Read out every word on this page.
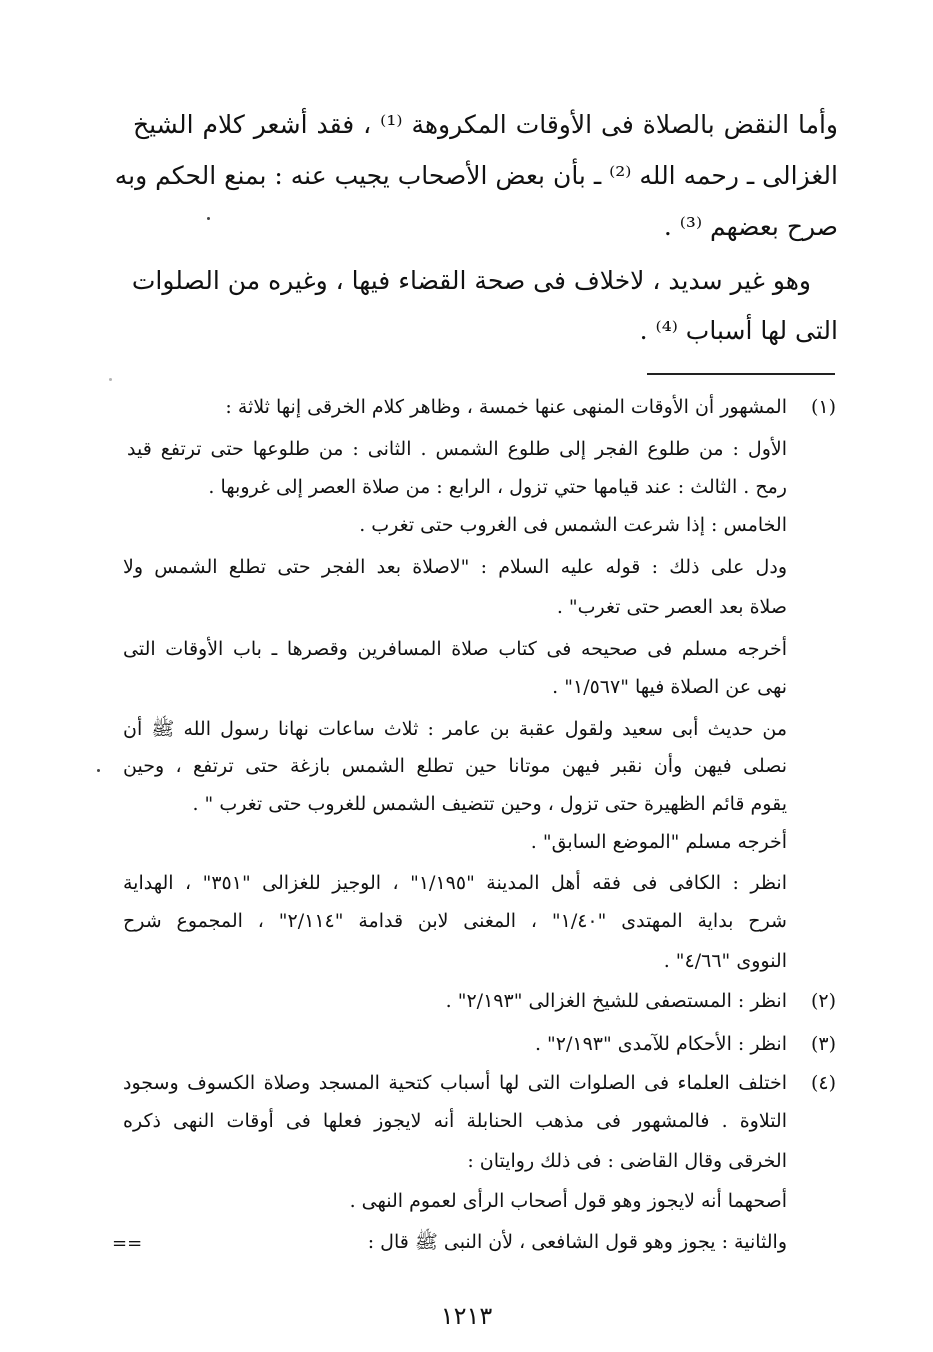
وأما النقض بالصلاة فى الأوقات المكروهة ⁽¹⁾ ، فقد أشعر كلام الشيخ
الغزالى ـ رحمه الله ⁽²⁾ ـ بأن بعض الأصحاب يجيب عنه : بمنع الحكم وبه
صرح بعضهم ⁽³⁾ .
وهو غير سديد ، لاخلاف فى صحة القضاء فيها ، وغيره من الصلوات
التى لها أسباب ⁽⁴⁾ .
(١)
(٢)
(٣)
(٤)
المشهور أن الأوقات المنهى عنها خمسة ، وظاهر كلام الخرقى إنها ثلاثة :
الأول : من طلوع الفجر إلى طلوع الشمس . الثانى : من طلوعها حتى ترتفع قيد
رمح . الثالث : عند قيامها حتي تزول ، الرابع : من صلاة العصر إلى غروبها .
الخامس : إذا شرعت الشمس فى الغروب حتى تغرب .
ودل على ذلك : قوله عليه السلام : "لاصلاة بعد الفجر حتى تطلع الشمس ولا
صلاة بعد العصر حتى تغرب" .
أخرجه مسلم فى صحيحه فى كتاب صلاة المسافرين وقصرها ـ باب الأوقات التى
نهى عن الصلاة فيها "١/٥٦٧" .
من حديث أبى سعيد ولقول عقبة بن عامر : ثلاث ساعات نهانا رسول الله ﷺ أن
نصلى فيهن وأن نقبر فيهن موتانا حين تطلع الشمس بازغة حتى ترتفع ، وحين
يقوم قائم الظهيرة حتى تزول ، وحين تتضيف الشمس للغروب حتى تغرب " .
أخرجه مسلم "الموضع السابق" .
انظر : الكافى فى فقه أهل المدينة "١/١٩٥" ، الوجيز للغزالى "٣٥١" ، الهداية
شرح بداية المهتدى "١/٤٠" ، المغنى لابن قدامة "٢/١١٤" ، المجموع شرح
النووى "٤/٦٦" .
انظر : المستصفى للشيخ الغزالى "٢/١٩٣" .
انظر : الأحكام للآمدى "٢/١٩٣" .
اختلف العلماء فى الصلوات التى لها أسباب كتحية المسجد وصلاة الكسوف وسجود
التلاوة . فالمشهور فى مذهب الحنابلة أنه لايجوز فعلها فى أوقات النهى ذكره
الخرقى وقال القاضى : فى ذلك روايتان :
أصحهما أنه لايجوز وهو قول أصحاب الرأى لعموم النهى .
والثانية : يجوز وهو قول الشافعى ، لأن النبى ﷺ قال :
==
١٢١٣
